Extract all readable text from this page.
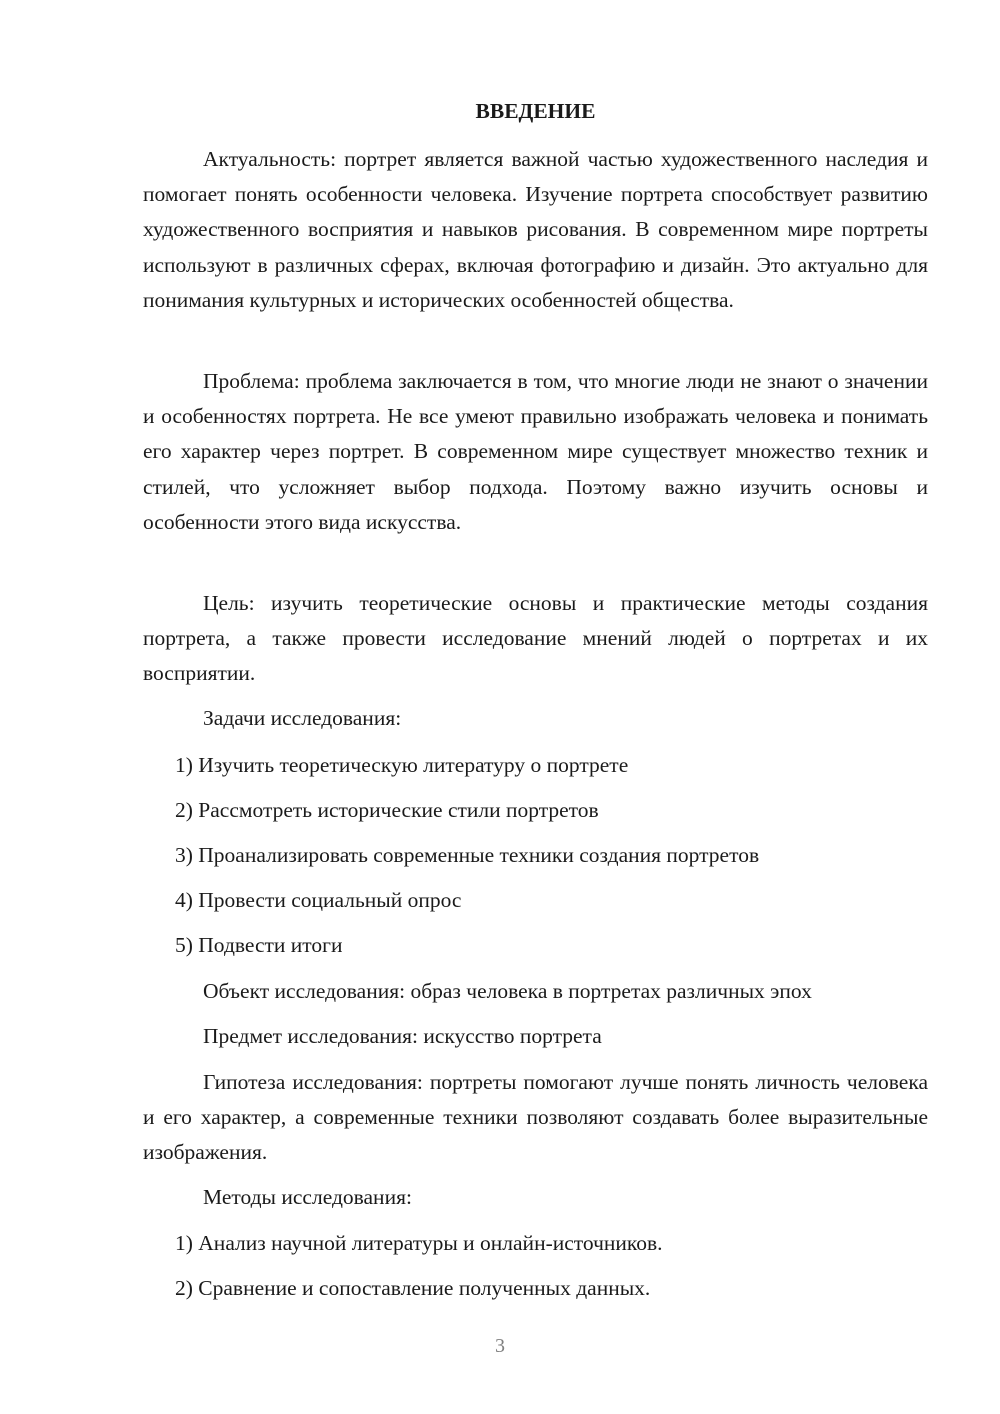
ВВЕДЕНИЕ

Актуальность: портрет является важной частью художественного наследия и помогает понять особенности человека. Изучение портрета способствует развитию художественного восприятия и навыков рисования. В современном мире портреты используют в различных сферах, включая фотографию и дизайн. Это актуально для понимания культурных и исторических особенностей общества.

Проблема: проблема заключается в том, что многие люди не знают о значении и особенностях портрета. Не все умеют правильно изображать человека и понимать его характер через портрет. В современном мире существует множество техник и стилей, что усложняет выбор подхода. Поэтому важно изучить основы и особенности этого вида искусства.

Цель: изучить теоретические основы и практические методы создания портрета, а также провести исследование мнений людей о портретах и их восприятии.

Задачи исследования:
1) Изучить теоретическую литературу о портрете
2) Рассмотреть исторические стили портретов
3) Проанализировать современные техники создания портретов
4) Провести социальный опрос
5) Подвести итоги
Объект исследования: образ человека в портретах различных эпох
Предмет исследования: искусство портрета

Гипотеза исследования: портреты помогают лучше понять личность человека и его характер, а современные техники позволяют создавать более выразительные изображения.

Методы исследования:
1) Анализ научной литературы и онлайн-источников.
2) Сравнение и сопоставление полученных данных.
3
